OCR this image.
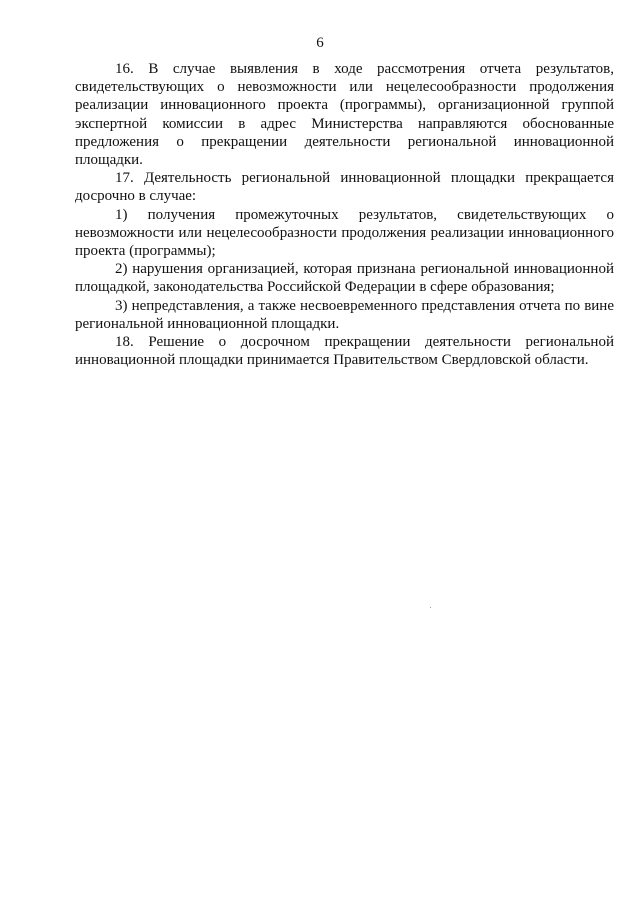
6

16. В случае выявления в ходе рассмотрения отчета результатов, свидетельствующих о невозможности или нецелесообразности продолжения реализации инновационного проекта (программы), организационной группой экспертной комиссии в адрес Министерства направляются обоснованные предложения о прекращении деятельности региональной инновационной площадки.

17. Деятельность региональной инновационной площадки прекращается досрочно в случае:

1) получения промежуточных результатов, свидетельствующих о невозможности или нецелесообразности продолжения реализации инновационного проекта (программы);

2) нарушения организацией, которая признана региональной инновационной площадкой, законодательства Российской Федерации в сфере образования;

3) непредставления, а также несвоевременного представления отчета по вине региональной инновационной площадки.

18. Решение о досрочном прекращении деятельности региональной инновационной площадки принимается Правительством Свердловской области.
